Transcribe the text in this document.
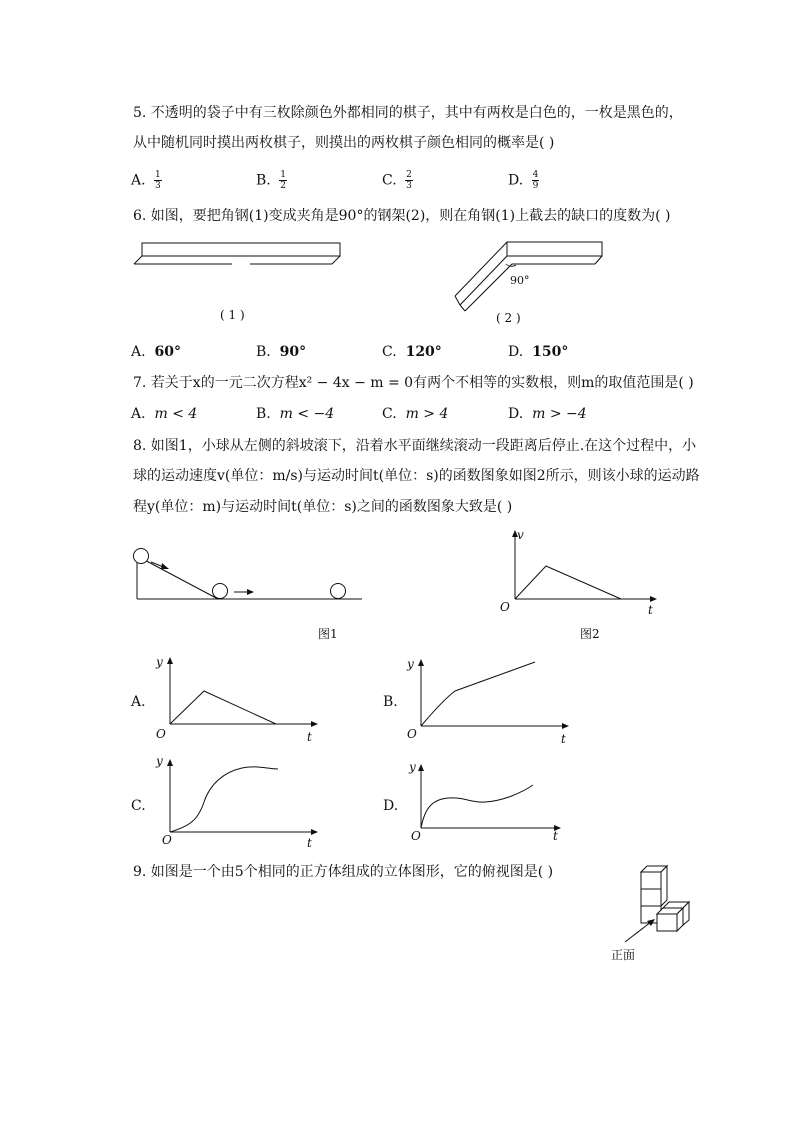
5. 不透明的袋子中有三枚除颜色外都相同的棋子，其中有两枚是白色的，一枚是黑色的，
从中随机同时摸出两枚棋子，则摸出的两枚棋子颜色相同的概率是( )
A. $\frac{1}{3}$	B. $\frac{1}{2}$	C. $\frac{2}{3}$	D. $\frac{4}{9}$
6. 如图，要把角钢(1)变成夹角是90°的钢架(2)，则在角钢(1)上截去的缺口的度数为( )
90°
( 1 )	( 2 )
A. 60°	B. 90°	C. 120°	D. 150°
7. 若关于x的一元二次方程x² − 4x − m = 0有两个不相等的实数根，则m的取值范围是( )
A. m < 4	B. m < −4	C. m > 4	D. m > −4
8. 如图1，小球从左侧的斜坡滚下，沿着水平面继续滚动一段距离后停止.在这个过程中，小
球的运动速度v(单位：m/s)与运动时间t(单位：s)的函数图象如图2所示，则该小球的运动路
程y(单位：m)与运动时间t(单位：s)之间的函数图象大致是( )
图1
v
t
O
图2
A.
y
t
O
B.
y
t
O
C.
y
t
O
D.
y
t
O
9. 如图是一个由5个相同的正方体组成的立体图形，它的俯视图是( )
正面
